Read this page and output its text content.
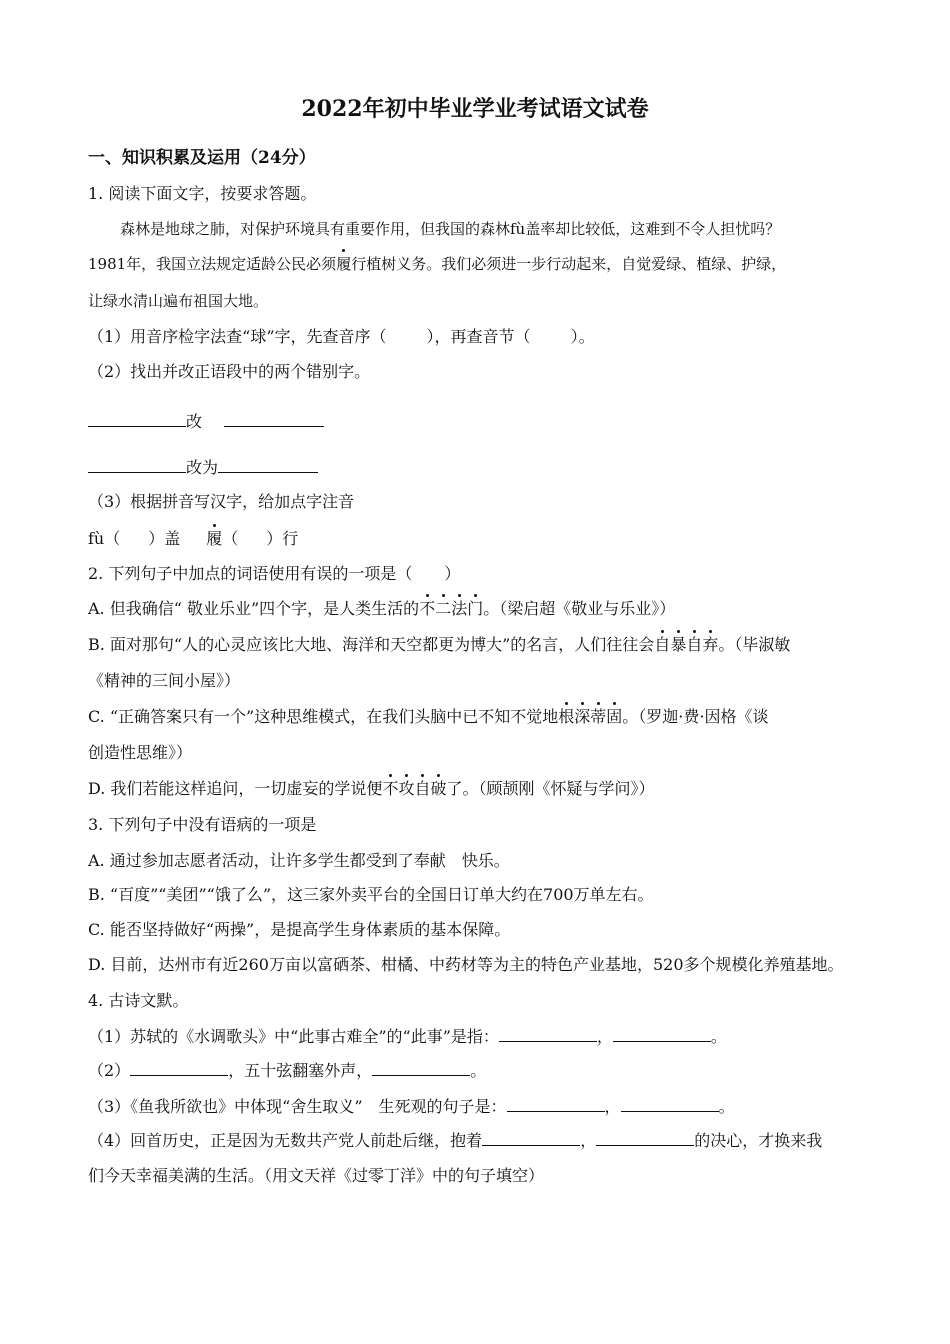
2022年初中毕业学业考试语文试卷
一、知识积累及运用（24分）
1. 阅读下面文字，按要求答题。
森林是地球之肺，对保护环境具有重要作用，但我国的森林fù盖率却比较低，这难到不令人担忧吗？
1981年，我国立法规定适龄公民必须履行植树义务。我们必须进一步行动起来，自觉爱绿、植绿、护绿，
让绿水清山遍布祖国大地。
（1）用音序检字法查“球”字，先查音序（	），再查音节（	）。
（2）找出并改正语段中的两个错别字。
改
改为
（3）根据拼音写汉字，给加点字注音
fù（ ）盖 履（ ）行
2. 下列句子中加点的词语使用有误的一项是（　　）
A. 但我确信“ 敬业乐业”四个字，是人类生活的不二法门。（梁启超《敬业与乐业》）
B. 面对那句“人的心灵应该比大地、海洋和天空都更为博大”的名言，人们往往会自暴自弃。（毕淑敏
《精神的三间小屋》）
C. “正确答案只有一个”这种思维模式，在我们头脑中已不知不觉地根深蒂固。（罗迦·费·因格《谈
创造性思维》）
D. 我们若能这样追问，一切虚妄的学说便不攻自破了。（顾颉刚《怀疑与学问》）
3. 下列句子中没有语病的一项是
A. 通过参加志愿者活动，让许多学生都受到了奉献　快乐。
B. “百度”“美团”“饿了么”，这三家外卖平台的全国日订单大约在700万单左右。
C. 能否坚持做好“两操”，是提高学生身体素质的基本保障。
D. 目前，达州市有近260万亩以富硒茶、柑橘、中药材等为主的特色产业基地，520多个规模化养殖基地。
4. 古诗文默。
（1）苏轼的《水调歌头》中“此事古难全”的“此事”是指：	，	。
（2）	，五十弦翻塞外声，	。
（3）《鱼我所欲也》中体现“舍生取义”　生死观的句子是：	，	。
（4）回首历史，正是因为无数共产党人前赴后继，抱着	，	的决心，才换来我
们今天幸福美满的生活。（用文天祥《过零丁洋》中的句子填空）
